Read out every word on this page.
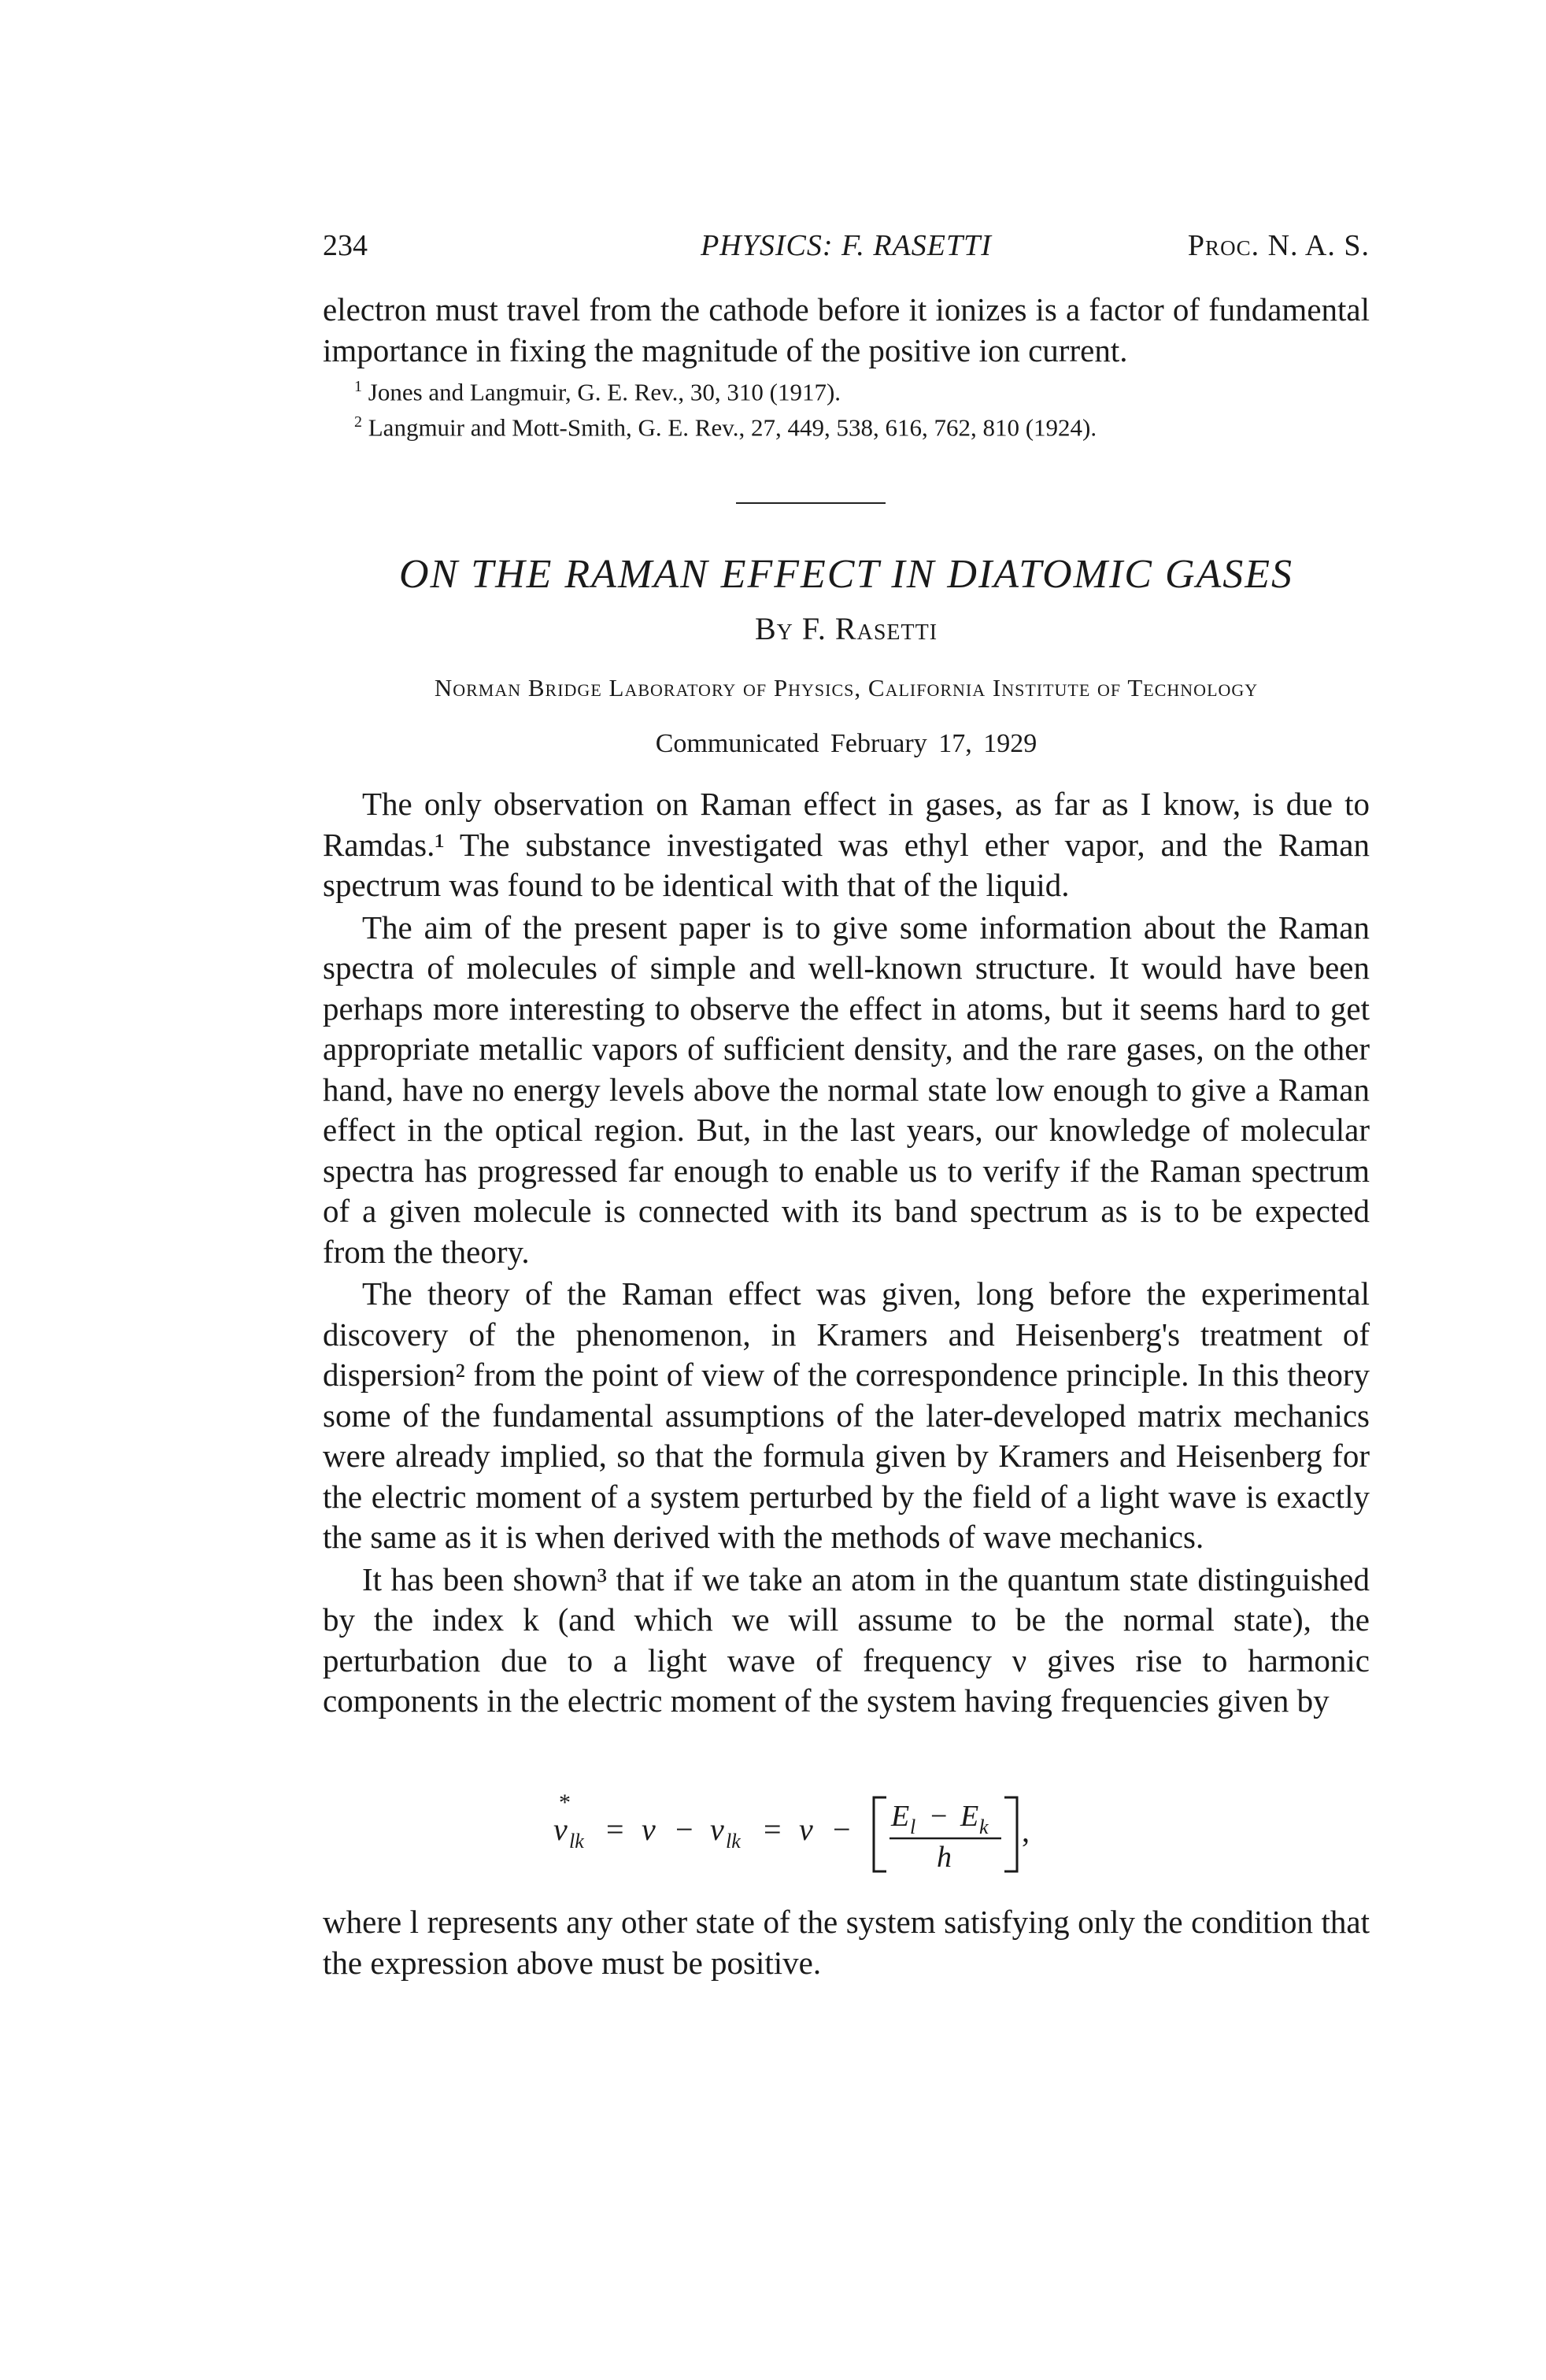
234	PHYSICS: F. RASETTI	Proc. N. A. S.

electron must travel from the cathode before it ionizes is a factor of fundamental importance in fixing the magnitude of the positive ion current.

$^1$ Jones and Langmuir, G. E. Rev., 30, 310 (1917).

$^2$ Langmuir and Mott-Smith, G. E. Rev., 27, 449, 538, 616, 762, 810 (1924).

ON THE RAMAN EFFECT IN DIATOMIC GASES
By F. Rasetti
Norman Bridge Laboratory of Physics, California Institute of Technology
Communicated February 17, 1929

The only observation on Raman effect in gases, as far as I know, is due to Ramdas.¹ The substance investigated was ethyl ether vapor, and the Raman spectrum was found to be identical with that of the liquid.

The aim of the present paper is to give some information about the Raman spectra of molecules of simple and well-known structure. It would have been perhaps more interesting to observe the effect in atoms, but it seems hard to get appropriate metallic vapors of sufficient density, and the rare gases, on the other hand, have no energy levels above the normal state low enough to give a Raman effect in the optical region. But, in the last years, our knowledge of molecular spectra has progressed far enough to enable us to verify if the Raman spectrum of a given molecule is connected with its band spectrum as is to be expected from the theory.

The theory of the Raman effect was given, long before the experimental discovery of the phenomenon, in Kramers and Heisenberg's treatment of dispersion² from the point of view of the correspondence principle. In this theory some of the fundamental assumptions of the later-developed matrix mechanics were already implied, so that the formula given by Kramers and Heisenberg for the electric moment of a system perturbed by the field of a light wave is exactly the same as it is when derived with the methods of wave mechanics.

It has been shown³ that if we take an atom in the quantum state distinguished by the index k (and which we will assume to be the normal state), the perturbation due to a light wave of frequency ν gives rise to harmonic components in the electric moment of the system having frequencies given by

*
ν lk = ν − ν lk = ν − E l − E k
h
,

where l represents any other state of the system satisfying only the condition that the expression above must be positive.
